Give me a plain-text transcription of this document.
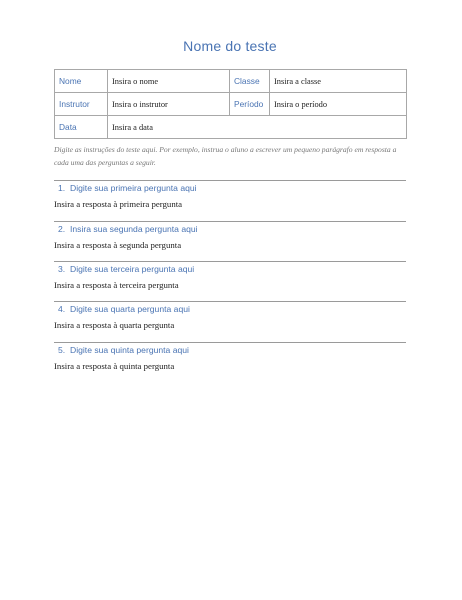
Nome do teste
Nome	Insira o nome	Classe	Insira a classe
Instrutor	Insira o instrutor	Período	Insira o período
Data	Insira a data		
Digite as instruções do teste aqui. Por exemplo, instrua o aluno a escrever um pequeno parágrafo em resposta a cada uma das perguntas a seguir.
1. Digite sua primeira pergunta aqui
Insira a resposta à primeira pergunta
2. Insira sua segunda pergunta aqui
Insira a resposta à segunda pergunta
3. Digite sua terceira pergunta aqui
Insira a resposta à terceira pergunta
4. Digite sua quarta pergunta aqui
Insira a resposta à quarta pergunta
5. Digite sua quinta pergunta aqui
Insira a resposta à quinta pergunta
